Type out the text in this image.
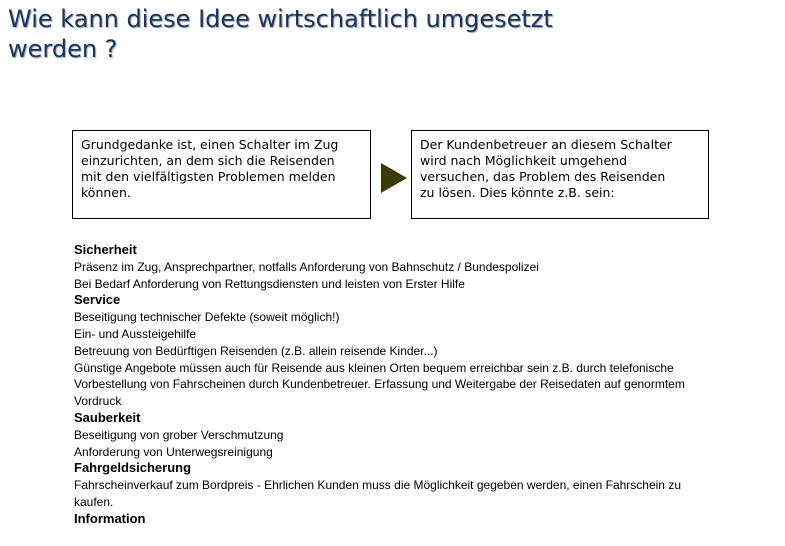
Wie kann diese Idee wirtschaftlich umgesetzt
werden ?
Grundgedanke ist, einen Schalter im Zug
einzurichten, an dem sich die Reisenden
mit den vielfältigsten Problemen melden
können.
Der Kundenbetreuer an diesem Schalter
wird nach Möglichkeit umgehend
versuchen, das Problem des Reisenden
zu lösen. Dies könnte z.B. sein:
Sicherheit
Präsenz im Zug, Ansprechpartner, notfalls Anforderung von Bahnschutz / Bundespolizei
Bei Bedarf Anforderung von Rettungsdiensten und leisten von Erster Hilfe
Service
Beseitigung technischer Defekte (soweit möglich!)
Ein- und Aussteigehilfe
Betreuung von Bedürftigen Reisenden (z.B. allein reisende Kinder...)
Günstige Angebote müssen auch für Reisende aus kleinen Orten bequem erreichbar sein z.B. durch telefonische
Vorbestellung von Fahrscheinen durch Kundenbetreuer. Erfassung und Weitergabe der Reisedaten auf genormtem
Vordruck
Sauberkeit
Beseitigung von grober Verschmutzung
Anforderung von Unterwegsreinigung
Fahrgeldsicherung
Fahrscheinverkauf zum Bordpreis - Ehrlichen Kunden muss die Möglichkeit gegeben werden, einen Fahrschein zu
kaufen.
Information
